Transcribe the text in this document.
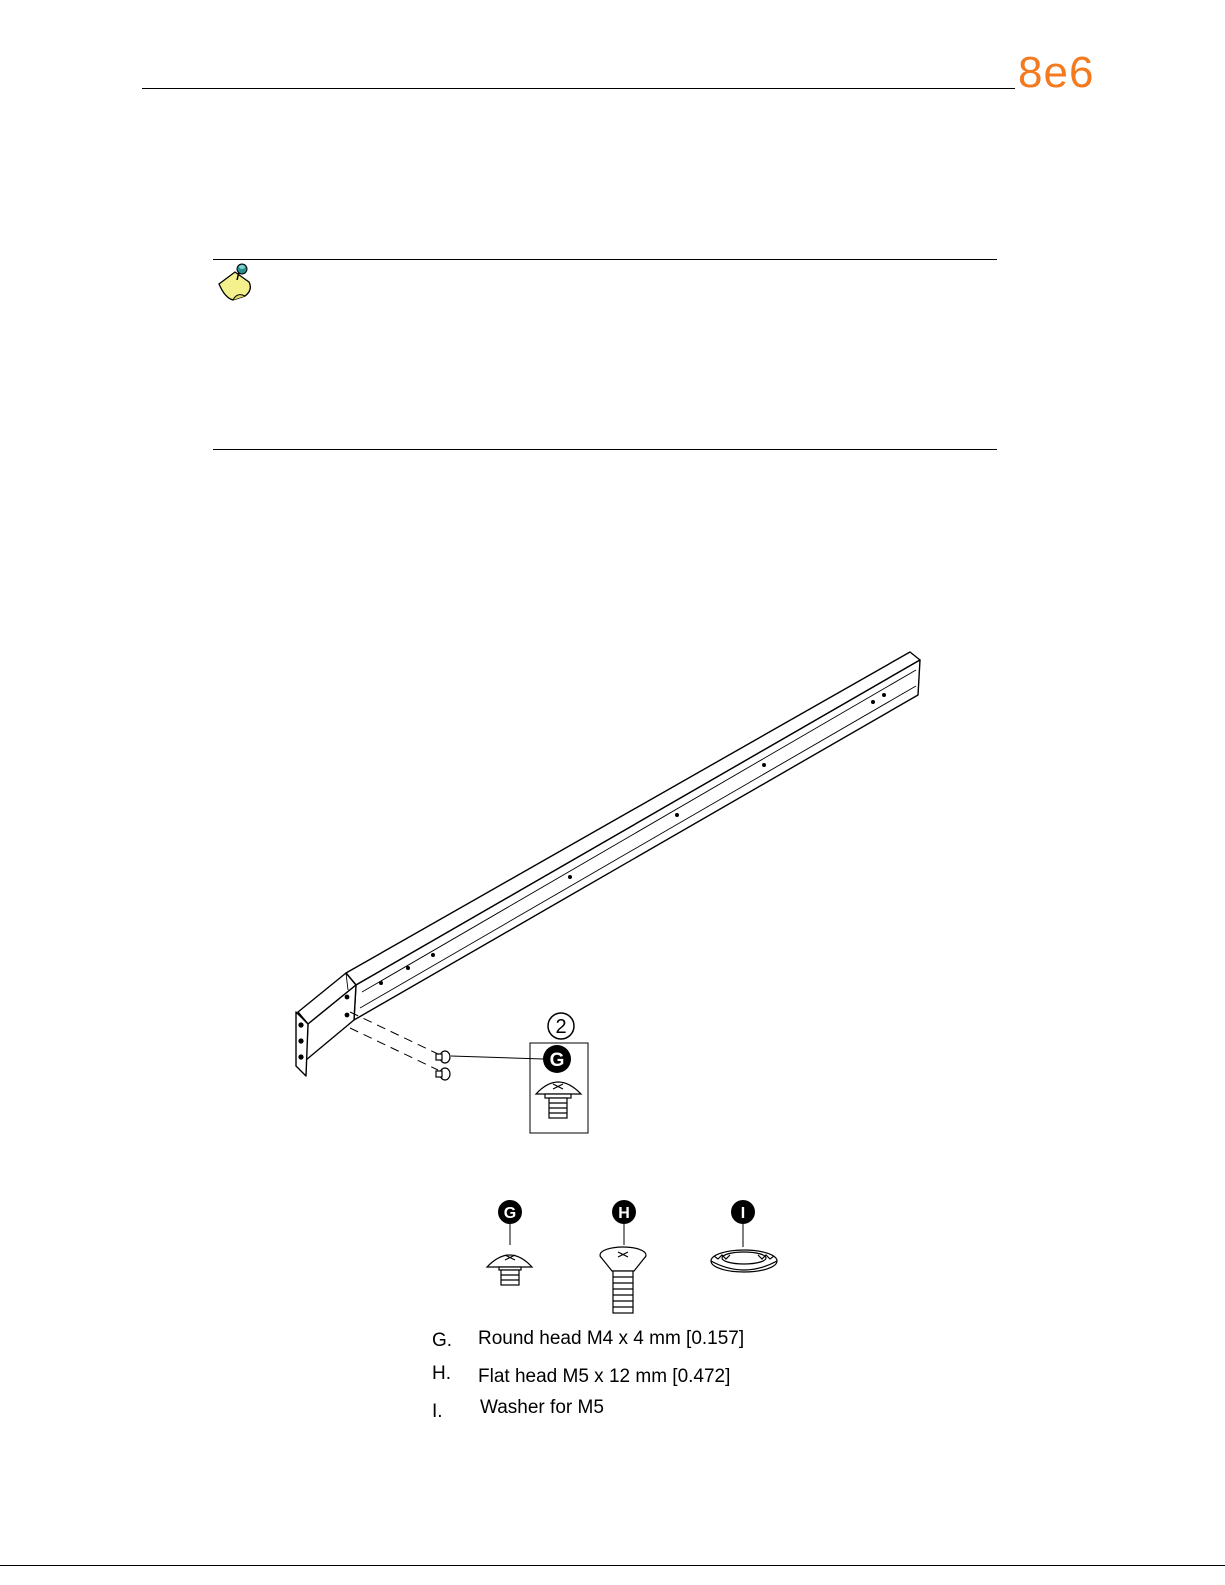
8e6
2
G
G	H	I
G. Round head M4 x 4 mm [0.157]
H. Flat head M5 x 12 mm [0.472]
I. Washer for M5
